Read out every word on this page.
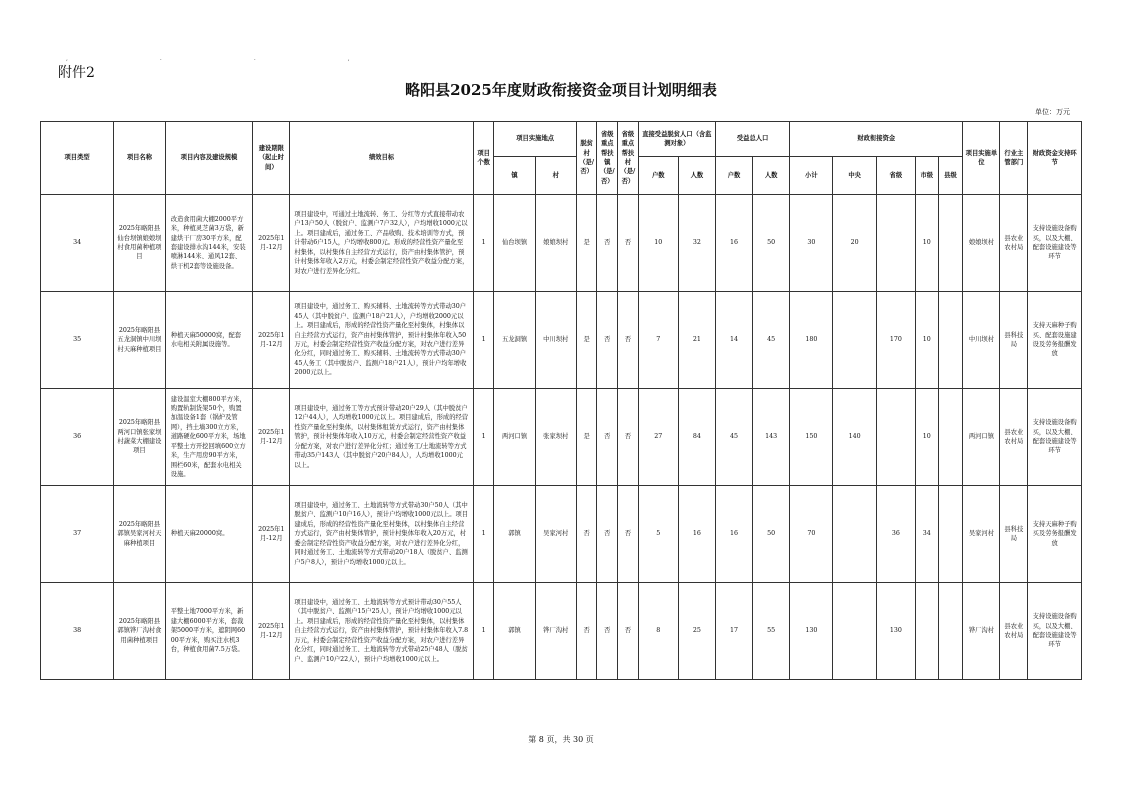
,..,
附件2
略阳县2025年度财政衔接资金项目计划明细表
单位：万元
项目类型	项目名称	项目内容及建设规模	建设期限（起止时间）	绩效目标	项目个数	项目实施地点		脱贫村（是/否）	省级重点帮扶镇（是/否）	省级重点帮扶村（是/否）	直接受益脱贫人口（含监测对象）		受益总人口		财政衔接资金					项目实施单位	行业主管部门	财政资金支持环节
						镇	村				户数	人数	户数	人数	小计	中央	省级	市级	县级			
34	2025年略阳县仙台坝镇娘娘坝村食用菌种植项目	改造食用菌大棚2000平方米，种植灵芝菌3万袋，新建烘干厂房30平方米，配套建设排水沟144米，安装喷淋144米、通风12套、烘干机2套等设施设备。	2025年1月-12月	项目建设中，可通过土地流转、务工、分红等方式直接带动农户13户50人（脱贫户、监测户7户32人），户均增收1000元以上。项目建成后，通过务工、产品收购、技术培训等方式，预计带动6户15人，户均增收800元。形成的经营性资产量化至村集体，以村集体自主经营方式运行，资产由村集体管护，预计村集体年收入2万元，村委会制定经营性资产收益分配方案，对农户进行差异化分红。	1	仙台坝镇	娘娘坝村	是	否	否	10	32	16	50	30	20		10		娘娘坝村	县农业农村局	支持设施设备购买，以及大棚、配套设施建设等环节
35	2025年略阳县五龙洞镇中川坝村天麻种植项目	种植天麻50000窝，配套水电相关附属设施等。	2025年1月-12月	项目建设中，通过务工、购买辅料、土地流转等方式带动30户45人（其中脱贫户、监测户18户21人），户均增收2000元以上。项目建成后，形成的经营性资产量化至村集体，村集体以自主经营方式运行，资产由村集体管护，预计村集体年收入50万元，村委会制定经营性资产收益分配方案，对农户进行差异化分红，同时通过务工、购买辅料、土地流转等方式带动30户45人务工（其中脱贫户、监测户18户21人），预计户均年增收2000元以上。	1	五龙洞镇	中川坝村	是	否	否	7	21	14	45	180		170	10		中川坝村	县科技局	支持天麻种子购买、配套设施建设及劳务报酬发放
36	2025年略阳县两河口镇张家坝村蔬菜大棚建设项目	建设温室大棚800平方米，购置轨制货架50个，购置加温设备1套（锅炉及管网），挡土墙300立方米，道路硬化600平方米，场地平整土方开挖回填600立方米，生产用房90平方米，围栏60米，配套水电相关设施。	2025年1月-12月	项目建设中，通过务工等方式预计带动20户29人（其中脱贫户12户44人），人均增收1000元以上。项目建成后，形成的经营性资产量化至村集体，以村集体租赁方式运行，资产由村集体管护，预计村集体年收入10万元，村委会制定经营性资产收益分配方案，对农户进行差异化分红；通过务工/土地流转等方式带动35户143人（其中脱贫户20户84人），人均增收1000元以上。	1	两河口镇	张家坝村	是	否	否	27	84	45	143	150	140		10		两河口镇	县农业农村局	支持设施设备购买，以及大棚、配套设施建设等环节
37	2025年略阳县郭镇吴家河村天麻种植项目	种植天麻20000窝。	2025年1月-12月	项目建设中，通过务工、土地流转等方式带动30户50人（其中脱贫户、监测户10户16人），预计户均增收1000元以上。项目建成后，形成的经营性资产量化至村集体，以村集体自主经营方式运行，资产由村集体管护，预计村集体年收入20万元，村委会制定经营性资产收益分配方案，对农户进行差异化分红，同时通过务工、土地流转等方式带动20户18人（脱贫户、监测户5户8人），预计户均增收1000元以上。	1	郭镇	吴家河村	否	否	否	5	16	16	50	70		36	34		吴家河村	县科技局	支持天麻种子购买及劳务报酬发放
38	2025年略阳县郭镇铧厂沟村食用菌种植项目	平整土地7000平方米，新建大棚6000平方米，套裁架5000平方米，遮阴网6000平方米，购买注水机3台，种植食用菌7.5万袋。	2025年1月-12月	项目建设中，通过务工、土地流转等方式预计带动30户55人（其中脱贫户、监测户15户25人），预计户均增收1000元以上。项目建成后，形成的经营性资产量化至村集体，以村集体自主经营方式运行，资产由村集体管护，预计村集体年收入7.8万元，村委会制定经营性资产收益分配方案，对农户进行差异化分红，同时通过务工、土地流转等方式带动25户48人（脱贫户、监测户10户22人），预计户均增收1000元以上。	1	郭镇	铧厂沟村	否	否	否	8	25	17	55	130		130			铧厂沟村	县农业农村局	支持设施设备购买，以及大棚、配套设施建设等环节
第 8 页，共 30 页
